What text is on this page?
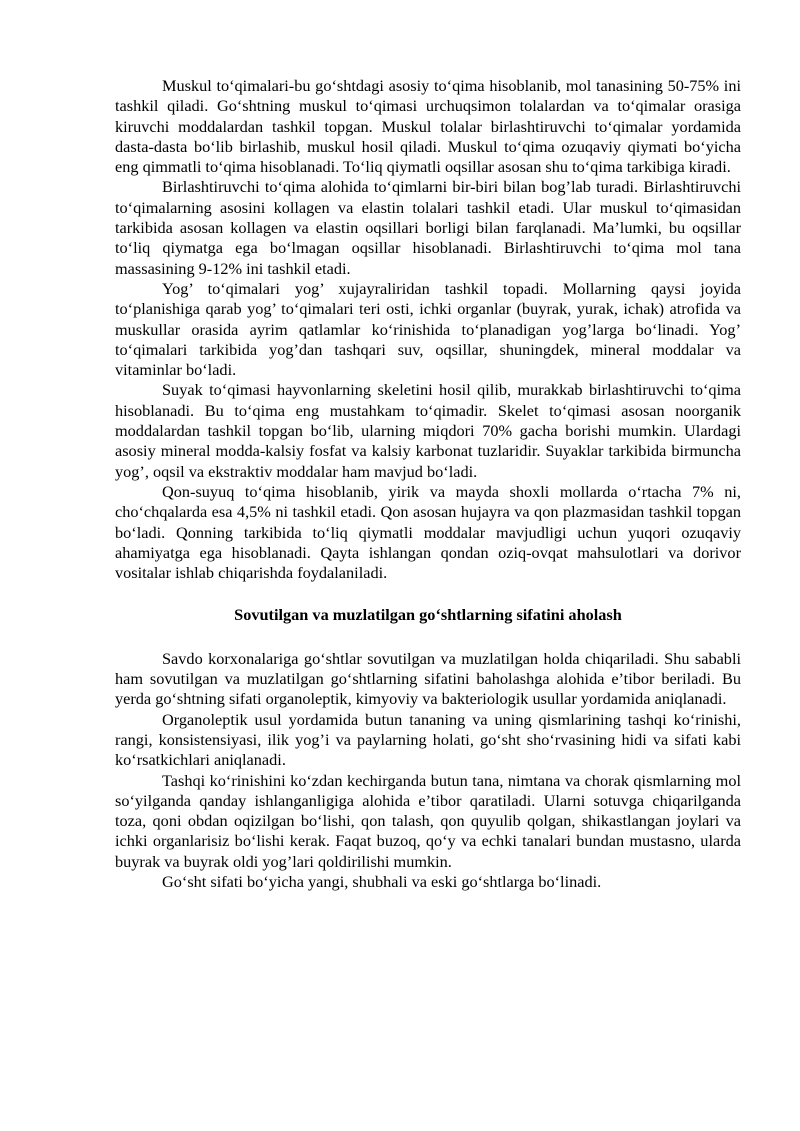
Muskul to‘qimalari-bu go‘shtdagi asosiy to‘qima hisoblanib, mol tanasining 50-75% ini tashkil qiladi. Go‘shtning muskul to‘qimasi urchuqsimon tolalardan va to‘qimalar orasiga kiruvchi moddalardan tashkil topgan. Muskul tolalar birlashtiruvchi to‘qimalar yordamida dasta-dasta bo‘lib birlashib, muskul hosil qiladi. Muskul to‘qima ozuqaviy qiymati bo‘yicha eng qimmatli to‘qima hisoblanadi. To‘liq qiymatli oqsillar asosan shu to‘qima tarkibiga kiradi.

Birlashtiruvchi to‘qima alohida to‘qimlarni bir-biri bilan bog’lab turadi. Birlashtiruvchi to‘qimalarning asosini kollagen va elastin tolalari tashkil etadi. Ular muskul to‘qimasidan tarkibida asosan kollagen va elastin oqsillari borligi bilan farqlanadi. Ma’lumki, bu oqsillar to‘liq qiymatga ega bo‘lmagan oqsillar hisoblanadi. Birlashtiruvchi to‘qima mol tana massasining 9-12% ini tashkil etadi.

Yog’ to‘qimalari yog’ xujayraliridan tashkil topadi. Mollarning qaysi joyida to‘planishiga qarab yog’ to‘qimalari teri osti, ichki organlar (buyrak, yurak, ichak) atrofida va muskullar orasida ayrim qatlamlar ko‘rinishida to‘planadigan yog’larga bo‘linadi. Yog’ to‘qimalari tarkibida yog’dan tashqari suv, oqsillar, shuningdek, mineral moddalar va vitaminlar bo‘ladi.

Suyak to‘qimasi hayvonlarning skeletini hosil qilib, murakkab birlashtiruvchi to‘qima hisoblanadi. Bu to‘qima eng mustahkam to‘qimadir. Skelet to‘qimasi asosan noorganik moddalardan tashkil topgan bo‘lib, ularning miqdori 70% gacha borishi mumkin. Ulardagi asosiy mineral modda-kalsiy fosfat va kalsiy karbonat tuzlaridir. Suyaklar tarkibida birmuncha yog’, oqsil va ekstraktiv moddalar ham mavjud bo‘ladi.

Qon-suyuq to‘qima hisoblanib, yirik va mayda shoxli mollarda o‘rtacha 7% ni, cho‘chqalarda esa 4,5% ni tashkil etadi. Qon asosan hujayra va qon plazmasidan tashkil topgan bo‘ladi. Qonning tarkibida to‘liq qiymatli moddalar mavjudligi uchun yuqori ozuqaviy ahamiyatga ega hisoblanadi. Qayta ishlangan qondan oziq-ovqat mahsulotlari va dorivor vositalar ishlab chiqarishda foydalaniladi.

Sovutilgan va muzlatilgan go‘shtlarning sifatini aholash

Savdo korxonalariga go‘shtlar sovutilgan va muzlatilgan holda chiqariladi. Shu sababli ham sovutilgan va muzlatilgan go‘shtlarning sifatini baholashga alohida e’tibor beriladi. Bu yerda go‘shtning sifati organoleptik, kimyoviy va bakteriologik usullar yordamida aniqlanadi.

Organoleptik usul yordamida butun tananing va uning qismlarining tashqi ko‘rinishi, rangi, konsistensiyasi, ilik yog’i va paylarning holati, go‘sht sho‘rvasining hidi va sifati kabi ko‘rsatkichlari aniqlanadi.

Tashqi ko‘rinishini ko‘zdan kechirganda butun tana, nimtana va chorak qismlarning mol so‘yilganda qanday ishlanganligiga alohida e’tibor qaratiladi. Ularni sotuvga chiqarilganda toza, qoni obdan oqizilgan bo‘lishi, qon talash, qon quyulib qolgan, shikastlangan joylari va ichki organlarisiz bo‘lishi kerak. Faqat buzoq, qo‘y va echki tanalari bundan mustasno, ularda buyrak va buyrak oldi yog’lari qoldirilishi mumkin.

Go‘sht sifati bo‘yicha yangi, shubhali va eski go‘shtlarga bo‘linadi.
